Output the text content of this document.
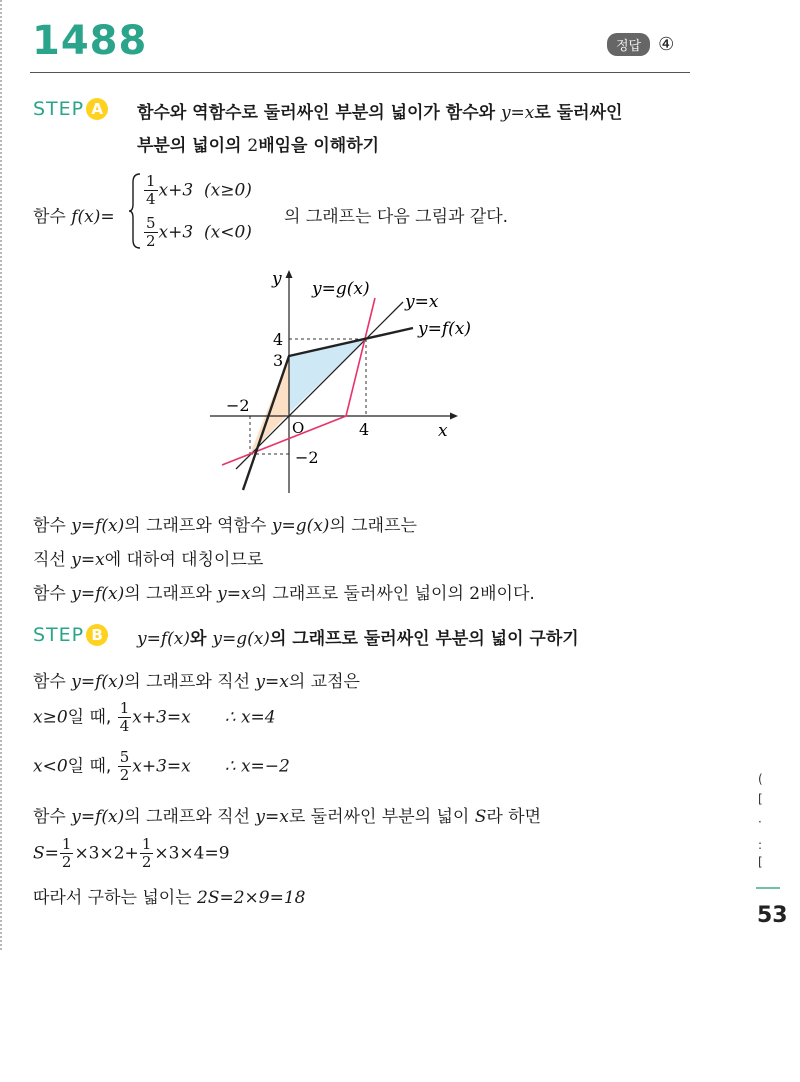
1488	정답 ④
STEP A	함수와 역함수로 둘러싸인 부분의 넓이가 함수와 y=x로 둘러싸인
부분의 넓이의 2배임을 이해하기
함수 f(x)=
$\frac{1}{4} x+3$ (x≥0)
$\frac{5}{2} x+3$ (x<0)
의 그래프는 다음 그림과 같다.
y
x
O
y=g(x)
y=x
y=f(x)
4
3
−2
4
−2
함수 y=f(x)의 그래프와 역함수 y=g(x)의 그래프는
직선 y=x에 대하여 대칭이므로
함수 y=f(x)의 그래프와 y=x의 그래프로 둘러싸인 넓이의 2배이다.
STEP B	y=f(x)와 y=g(x)의 그래프로 둘러싸인 부분의 넓이 구하기
함수 y=f(x)의 그래프와 직선 y=x의 교점은
x≥0일 때, $\frac{1}{4} x+3=x$ ∴ x=4
x<0일 때, $\frac{5}{2} x+3=x$ ∴ x=−2
함수 y=f(x)의 그래프와 직선 y=x로 둘러싸인 부분의 넓이 S라 하면
$S= \frac{1}{2} \times 3\times 2+ \frac{1}{2} \times 3\times 4=9$
따라서 구하는 넓이는 2S=2×9=18
(
[
·
:
[
53
